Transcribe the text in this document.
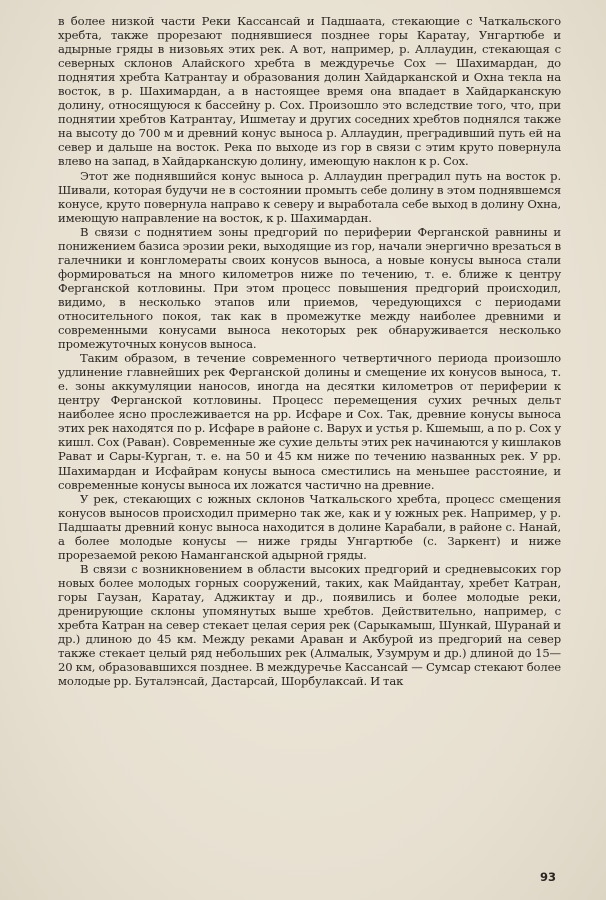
в более низкой части Реки Кассансай и Падшаата, стекающие с Чаткальского хребта, также прорезают поднявшиеся позднее горы Каратау, Унгартюбе и адырные гряды в низовьях этих рек. А вот, например, р. Аллаудин, стекающая с северных склонов Алайского хребта в междуречье Сох — Шахимардан, до поднятия хребта Катрантау и образования долин Хайдарканской и Охна текла на восток, в р. Шахимардан, а в настоящее время она впадает в Хайдарканскую долину, относящуюся к бассейну р. Сох. Произошло это вследствие того, что, при поднятии хребтов Катрантау, Ишметау и других соседних хребтов поднялся также на высоту до 700 м и древний конус выноса р. Аллаудин, преградивший путь ей на север и дальше на восток. Река по выходе из гор в связи с этим круто повернула влево на запад, в Хайдарканскую долину, имеющую наклон к р. Сох.

Этот же поднявшийся конус выноса р. Аллаудин преградил путь на восток р. Шивали, которая будучи не в состоянии промыть себе долину в этом поднявшемся конусе, круто повернула направо к северу и выработала себе выход в долину Охна, имеющую направление на восток, к р. Шахимардан.

В связи с поднятием зоны предгорий по периферии Ферганской равнины и понижением базиса эрозии реки, выходящие из гор, начали энергично врезаться в галечники и конгломераты своих конусов выноса, а новые конусы выноса стали формироваться на много километров ниже по течению, т. е. ближе к центру Ферганской котловины. При этом процесс повышения предгорий происходил, видимо, в несколько этапов или приемов, чередующихся с периодами относительного покоя, так как в промежутке между наиболее древними и современными конусами выноса некоторых рек обнаруживается несколько промежуточных конусов выноса.

Таким образом, в течение современного четвертичного периода произошло удлинение главнейших рек Ферганской долины и смещение их конусов выноса, т. е. зоны аккумуляции наносов, иногда на десятки километров от периферии к центру Ферганской котловины. Процесс перемещения сухих речных дельт наиболее ясно прослеживается на рр. Исфаре и Сох. Так, древние конусы выноса этих рек находятся по р. Исфаре в районе с. Варух и устья р. Кшемыш, а по р. Сох у кишл. Сох (Раван). Современные же сухие дельты этих рек начинаются у кишлаков Рават и Сары-Курган, т. е. на 50 и 45 км ниже по течению названных рек. У рр. Шахимардан и Исфайрам конусы выноса сместились на меньшее расстояние, и современные конусы выноса их ложатся частично на древние.

У рек, стекающих с южных склонов Чаткальского хребта, процесс смещения конусов выносов происходил примерно так же, как и у южных рек. Например, у р. Падшааты древний конус выноса находится в долине Карабали, в районе с. Нанай, а более молодые конусы — ниже гряды Унгартюбе (с. Заркент) и ниже прорезаемой рекою Наманганской адырной гряды.

В связи с возникновением в области высоких предгорий и средневысоких гор новых более молодых горных сооружений, таких, как Майдантау, хребет Катран, горы Гаузан, Каратау, Аджиктау и др., появились и более молодые реки, дренирующие склоны упомянутых выше хребтов. Действительно, например, с хребта Катран на север стекает целая серия рек (Сарыкамыш, Шункай, Шуранай и др.) длиною до 45 км. Между реками Араван и Акбурой из предгорий на север также стекает целый ряд небольших рек (Алмалык, Узумрум и др.) длиной до 15—20 км, образовавшихся позднее. В междуречье Кассансай — Сумсар стекают более молодые рр. Буталэнсай, Дастарсай, Шорбулаксай. И так

93
